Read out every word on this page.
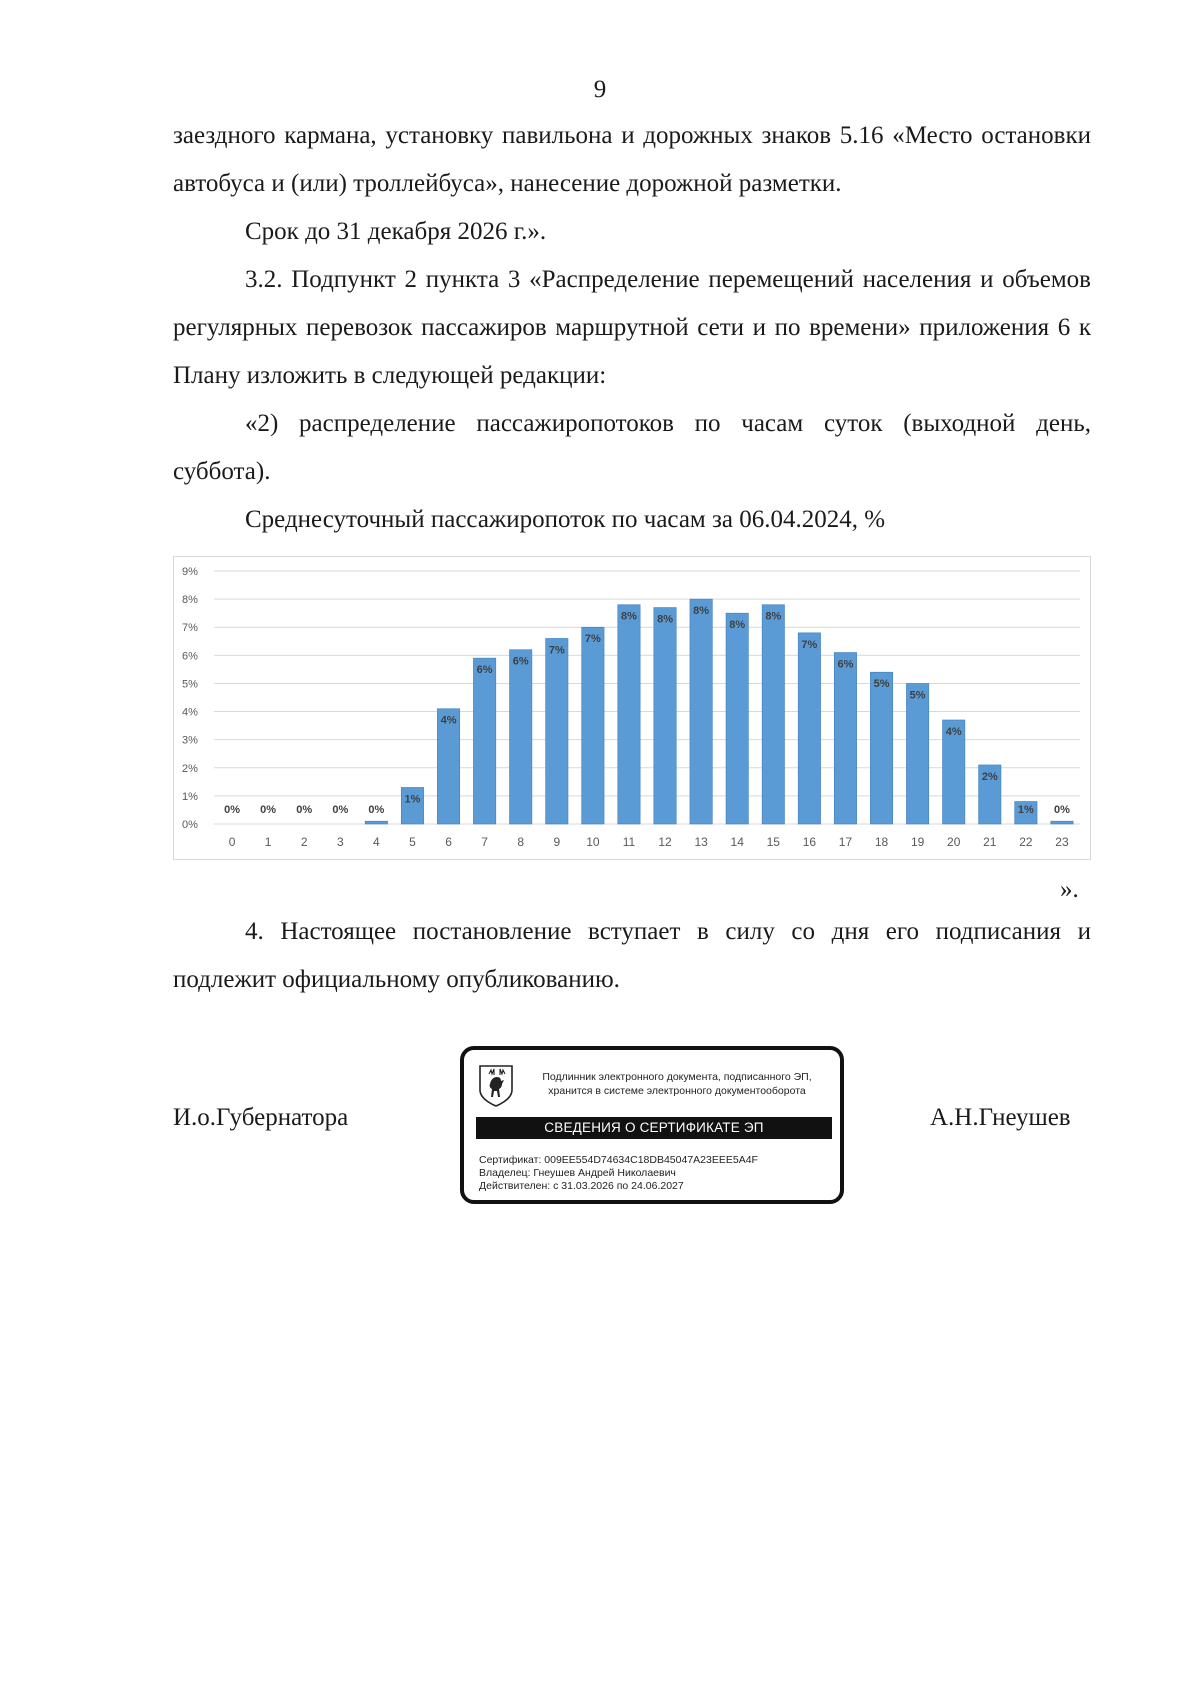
9

заездного кармана, установку павильона и дорожных знаков 5.16 «Место остановки автобуса и (или) троллейбуса», нанесение дорожной разметки.

Срок до 31 декабря 2026 г.».

3.2. Подпункт 2 пункта 3 «Распределение перемещений населения и объемов регулярных перевозок пассажиров маршрутной сети и по времени» приложения 6 к Плану изложить в следующей редакции:

«2) распределение пассажиропотоков по часам суток (выходной день, суббота).

Среднесуточный пассажиропоток по часам за 06.04.2024, %

0%
1%
2%
3%
4%
5%
6%
7%
8%
9%
0 1 2 3 4 5 6 7 8 9 10 11 12 13 14 15 16 17 18 19 20 21 22 23
0% 0% 0% 0% 0%
1%
4%
6%
6%
7%
7%
8% 8%
8%
8%
8%
7%
6%
5%
5%
4%
2%
1% 0%
».

4. Настоящее постановление вступает в силу со дня его подписания и подлежит официальному опубликованию.

И.о.Губернатора	А.Н.Гнеушев
Подлинник электронного документа, подписанного ЭП,
хранится в системе электронного документооборота
СВЕДЕНИЯ О СЕРТИФИКАТЕ ЭП
Сертификат: 009EE554D74634C18DB45047A23EEE5A4F
Владелец: Гнеушев Андрей Николаевич
Действителен: с 31.03.2026 по 24.06.2027
